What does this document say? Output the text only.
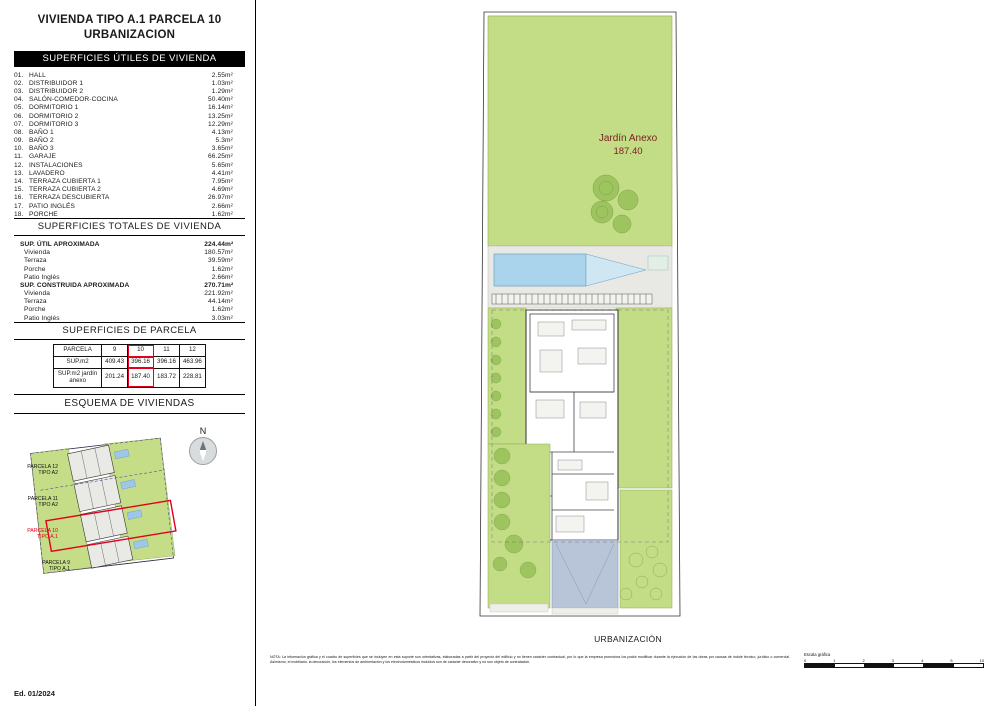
VIVIENDA TIPO A.1 PARCELA 10
URBANIZACION
SUPERFICIES ÚTILES DE VIVIENDA
01.	HALL	2.55	m²
02.	DISTRIBUIDOR 1	1.03	m²
03.	DISTRIBUIDOR 2	1.29	m²
04.	SALÓN-COMEDOR-COCINA	50.40	m²
05.	DORMITORIO 1	16.14	m²
06.	DORMITORIO 2	13.25	m²
07.	DORMITORIO 3	12.29	m²
08.	BAÑO 1	4.13	m²
09.	BAÑO 2	5.3	m²
10.	BAÑO 3	3.65	m²
11.	GARAJE	66.25	m²
12.	INSTALACIONES	5.65	m²
13.	LAVADERO	4.41	m²
14.	TERRAZA CUBIERTA 1	7.95	m²
15.	TERRAZA CUBIERTA 2	4.69	m²
16.	TERRAZA DESCUBIERTA	26.97	m²
17.	PATIO INGLÉS	2.66	m²
18.	PORCHE	1.62	m²
SUPERFICIES TOTALES DE VIVIENDA
SUP. ÚTIL APROXIMADA	224.44	m²
Vivienda	180.57	m²
Terraza	39.59	m²
Porche	1.62	m²
Patio Inglés	2.66	m²
SUP. CONSTRUIDA APROXIMADA	270.71	m²
Vivienda	221.92	m²
Terraza	44.14	m²
Porche	1.62	m²
Patio Inglés	3.03	m²
SUPERFICIES DE PARCELA
PARCELA	9	10	11	12
SUP.m2	409.43	396.16	396.16	463.96
SUP.m2 jardín anexo	201.24	187.40	183.72	228.81
ESQUEMA DE VIVIENDAS
PARCELA 12
TIPO A2
PARCELA 11
TIPO A2
PARCELA 10
TIPO A.1
PARCELA 9
TIPO A.1
N
Ed. 01/2024
Jardín Anexo
187.40
URBANIZACIÓN
NOTA: La información gráfica y el cuadro de superficies que se incluyen en esta soporte son orientativas, elaboradas a partir del proyecto del edificio y no tienen carácter contractual, por lo que la empresa promotora los podrá modificar durante la ejecución de las obras por causas de índole técnico, jurídico o comercial. Asimismo, el mobiliario, la decoración, los elementos de ambientación y los electrodomésticos incluidos son de carácter decorativo y no son objeto de contratación.
Escala gráfica
0	1	2	3	4	5	10
